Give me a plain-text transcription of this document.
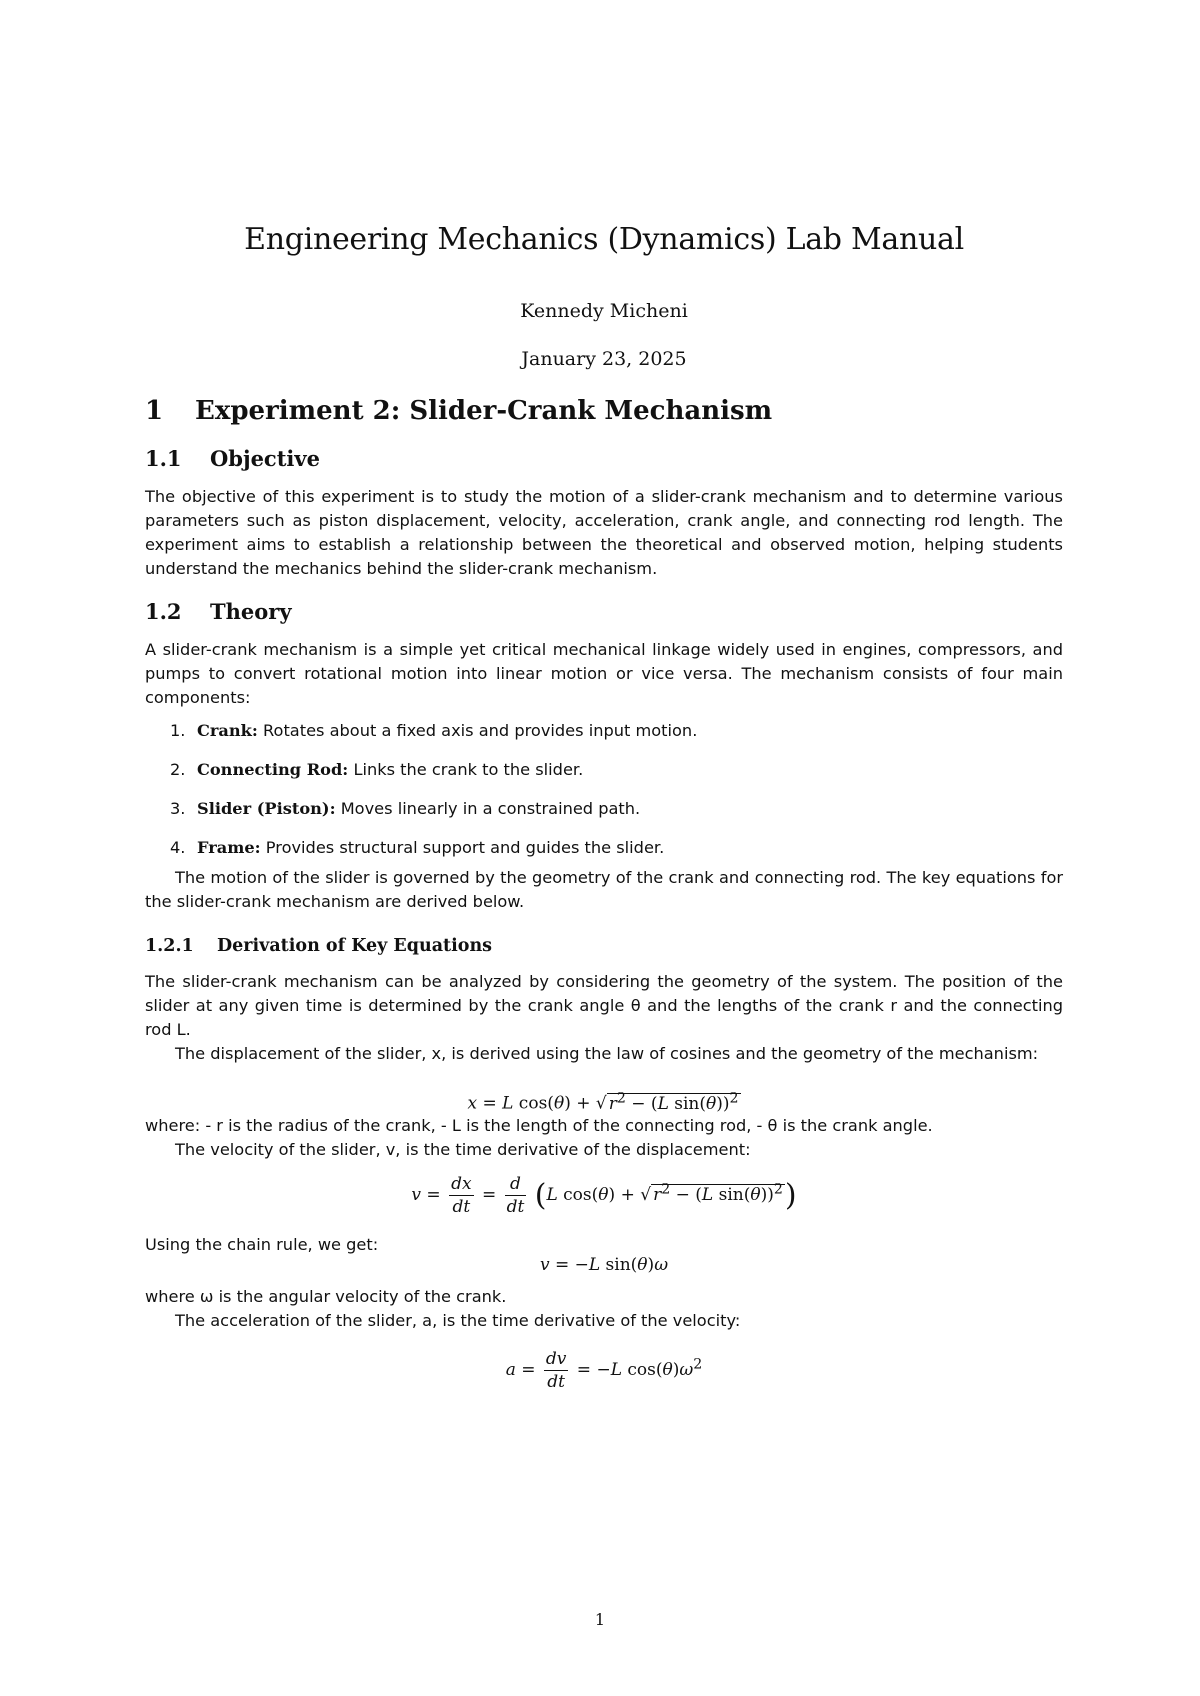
Engineering Mechanics (Dynamics) Lab Manual
Kennedy Micheni
January 23, 2025
1 Experiment 2: Slider-Crank Mechanism
1.1 Objective

The objective of this experiment is to study the motion of a slider-crank mechanism and to determine various parameters such as piston displacement, velocity, acceleration, crank angle, and connecting rod length. The experiment aims to establish a relationship between the theoretical and observed motion, helping students understand the mechanics behind the slider-crank mechanism.

1.2 Theory

A slider-crank mechanism is a simple yet critical mechanical linkage widely used in engines, compressors, and pumps to convert rotational motion into linear motion or vice versa. The mechanism consists of four main components:

1. Crank: Rotates about a fixed axis and provides input motion.
2. Connecting Rod: Links the crank to the slider.
3. Slider (Piston): Moves linearly in a constrained path.
4. Frame: Provides structural support and guides the slider.

The motion of the slider is governed by the geometry of the crank and connecting rod. The key equations for the slider-crank mechanism are derived below.

1.2.1 Derivation of Key Equations

The slider-crank mechanism can be analyzed by considering the geometry of the system. The position of the slider at any given time is determined by the crank angle θ and the lengths of the crank r and the connecting rod L.

The displacement of the slider, x, is derived using the law of cosines and the geometry of the mechanism:

x = L cos(θ) + √ $r^2 - (L$ sin(θ))$^2$

where: - r is the radius of the crank, - L is the length of the connecting rod, - θ is the crank angle.

The velocity of the slider, v, is the time derivative of the displacement:

$v = \frac{dx}{dt} = \frac{d}{dt} (L$ cos(θ) + √ $r^2 - (L$ sin(θ))$^2$)

Using the chain rule, we get:

v = −L sin(θ)ω

where ω is the angular velocity of the crank.

The acceleration of the slider, a, is the time derivative of the velocity:

$a = \frac{dv}{dt} = -L$ $\cos(\theta)\omega^2$
1
